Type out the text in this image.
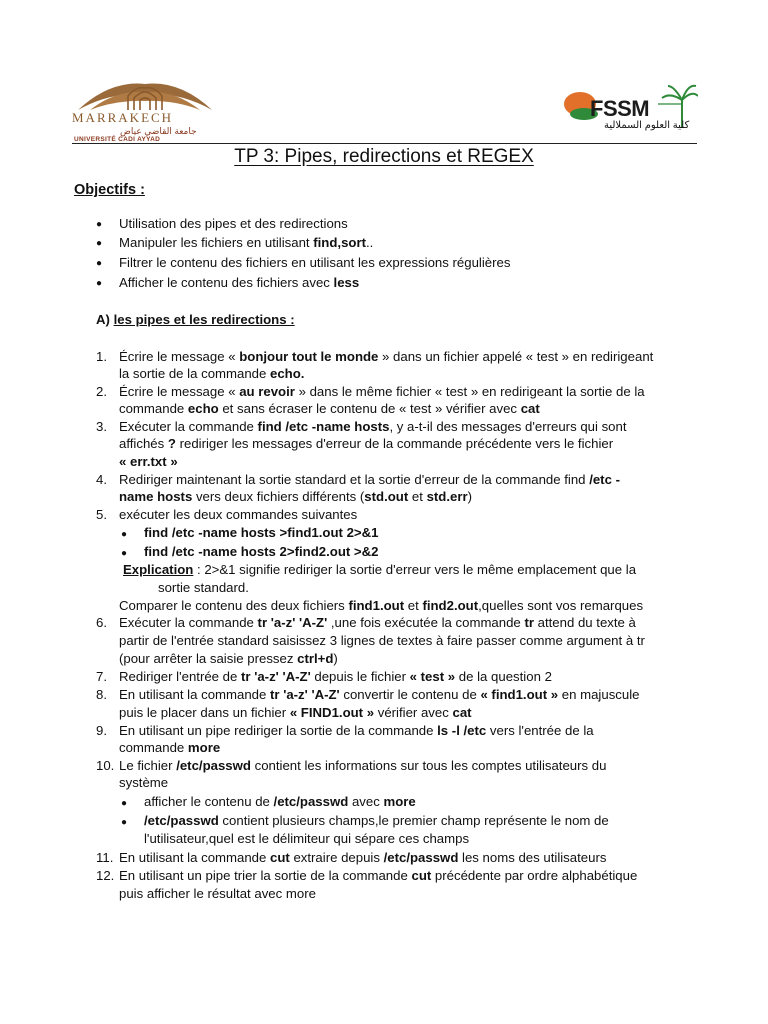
MARRAKECH
جامعة القاضي عياض
UNIVERSITÉ CADI AYYAD
FSSM
كلية العلوم السملالية
TP 3: Pipes, redirections et REGEX
Objectifs :
● Utilisation des pipes et des redirections
● Manipuler les fichiers en utilisant find,sort..
● Filtrer le contenu des fichiers en utilisant les expressions régulières
● Afficher le contenu des fichiers avec less
A) les pipes et les redirections :
1. Écrire le message « bonjour tout le monde » dans un fichier appelé « test » en redirigeant
la sortie de la commande echo.
2. Écrire le message « au revoir » dans le même fichier « test » en redirigeant la sortie de la
commande echo et sans écraser le contenu de « test » vérifier avec cat
3. Exécuter la commande find /etc -name hosts, y a-t-il des messages d'erreurs qui sont
affichés ? rediriger les messages d'erreur de la commande précédente vers le fichier
« err.txt »
4. Rediriger maintenant la sortie standard et la sortie d'erreur de la commande find /etc -
name hosts vers deux fichiers différents (std.out et std.err)
5. exécuter les deux commandes suivantes
● find /etc -name hosts >find1.out 2>&1
● find /etc -name hosts 2>find2.out >&2
Explication : 2>&1 signifie rediriger la sortie d'erreur vers le même emplacement que la
sortie standard.
Comparer le contenu des deux fichiers find1.out et find2.out,quelles sont vos remarques
6. Exécuter la commande tr 'a-z' 'A-Z' ,une fois exécutée la commande tr attend du texte à
partir de l'entrée standard saisissez 3 lignes de textes à faire passer comme argument à tr
(pour arrêter la saisie pressez ctrl+d)
7. Rediriger l'entrée de tr 'a-z' 'A-Z' depuis le fichier « test » de la question 2
8. En utilisant la commande tr 'a-z' 'A-Z' convertir le contenu de « find1.out » en majuscule
puis le placer dans un fichier « FIND1.out » vérifier avec cat
9. En utilisant un pipe rediriger la sortie de la commande ls -l /etc vers l'entrée de la
commande more
10. Le fichier /etc/passwd contient les informations sur tous les comptes utilisateurs du
système
● afficher le contenu de /etc/passwd avec more
● /etc/passwd contient plusieurs champs,le premier champ représente le nom de
l'utilisateur,quel est le délimiteur qui sépare ces champs
11. En utilisant la commande cut extraire depuis /etc/passwd les noms des utilisateurs
12. En utilisant un pipe trier la sortie de la commande cut précédente par ordre alphabétique
puis afficher le résultat avec more
